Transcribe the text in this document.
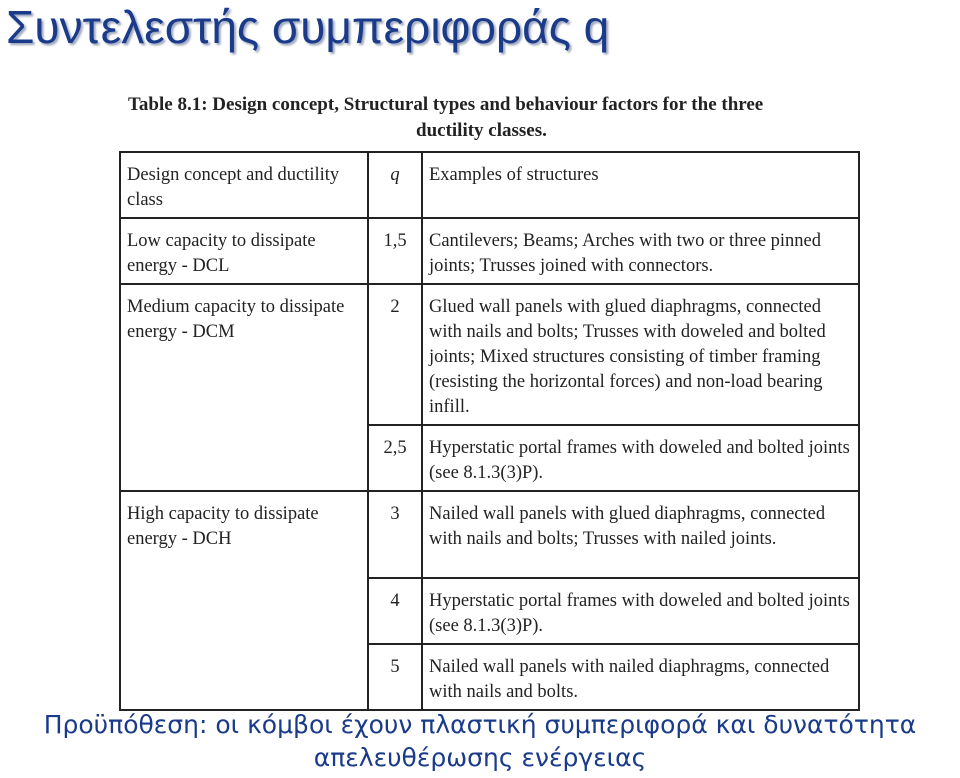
Συντελεστής συμπεριφοράς q
Table 8.1: Design concept, Structural types and behaviour factors for the three
ductility classes.
Design concept and ductility class	q	Examples of structures
Low capacity to dissipate energy - DCL	1,5	Cantilevers; Beams; Arches with two or three pinned joints; Trusses joined with connectors.
Medium capacity to dissipate energy - DCM	2	Glued wall panels with glued diaphragms, connected with nails and bolts; Trusses with doweled and bolted joints; Mixed structures consisting of timber framing (resisting the horizontal forces) and non-load bearing infill.
	2,5	Hyperstatic portal frames with doweled and bolted joints (see 8.1.3(3)P).
High capacity to dissipate energy - DCH	3	Nailed wall panels with glued diaphragms, connected with nails and bolts; Trusses with nailed joints.
	4	Hyperstatic portal frames with doweled and bolted joints (see 8.1.3(3)P).
	5	Nailed wall panels with nailed diaphragms, connected with nails and bolts.
Προϋπόθεση: οι κόμβοι έχουν πλαστική συμπεριφορά και δυνατότητα
απελευθέρωσης ενέργειας
